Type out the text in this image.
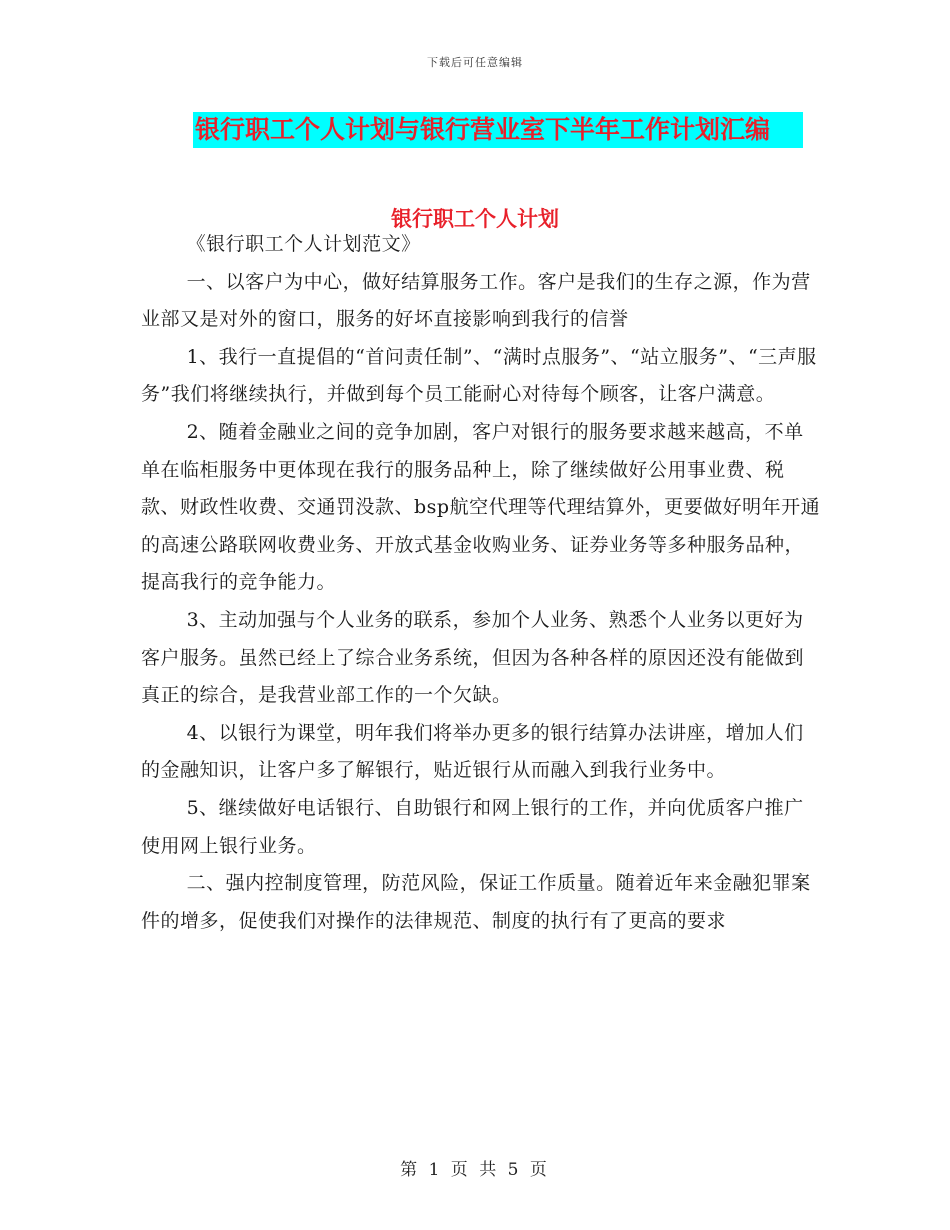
下载后可任意编辑
银行职工个人计划与银行营业室下半年工作计划汇编
银行职工个人计划

《银行职工个人计划范文》

一、以客户为中心，做好结算服务工作。客户是我们的生存之源，作为营业部又是对外的窗口，服务的好坏直接影响到我行的信誉

1、我行一直提倡的“首问责任制”、“满时点服务”、“站立服务”、“三声服务”我们将继续执行，并做到每个员工能耐心对待每个顾客，让客户满意。

2、随着金融业之间的竞争加剧，客户对银行的服务要求越来越高，不单单在临柜服务中更体现在我行的服务品种上，除了继续做好公用事业费、税款、财政性收费、交通罚没款、bsp航空代理等代理结算外，更要做好明年开通的高速公路联网收费业务、开放式基金收购业务、证券业务等多种服务品种，提高我行的竞争能力。

3、主动加强与个人业务的联系，参加个人业务、熟悉个人业务以更好为客户服务。虽然已经上了综合业务系统，但因为各种各样的原因还没有能做到真正的综合，是我营业部工作的一个欠缺。

4、以银行为课堂，明年我们将举办更多的银行结算办法讲座，增加人们的金融知识，让客户多了解银行，贴近银行从而融入到我行业务中。

5、继续做好电话银行、自助银行和网上银行的工作，并向优质客户推广使用网上银行业务。

二、强内控制度管理，防范风险，保证工作质量。随着近年来金融犯罪案件的增多，促使我们对操作的法律规范、制度的执行有了更高的要求

第 1 页 共 5 页
